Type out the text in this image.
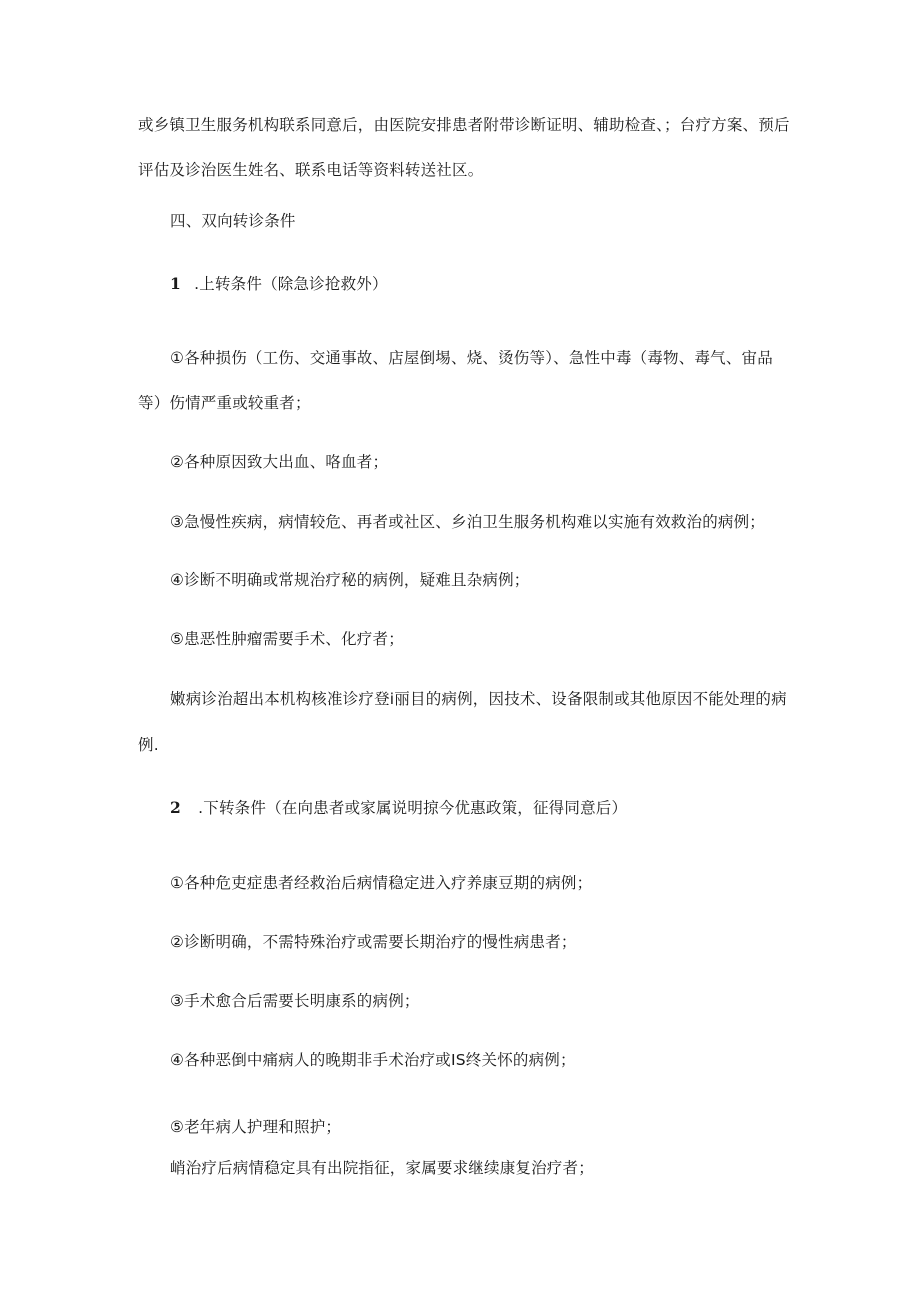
或乡镇卫生服务机构联系同意后，由医院安排患者附带诊断证明、辅助检查、；台疗方案、预后
评估及诊治医生姓名、联系电话等资料转送社区。
四、双向转诊条件
1 .上转条件（除急诊抢救外）
①各种损伤（工伤、交通事故、店屋倒埸、烧、烫伤等）、急性中毒（毒物、毒气、宙品
等）伤情严重或较重者；
②各种原因致大出血、咯血者；
③急慢性疾病，病情较危、再者或社区、乡泊卫生服务机构难以实施有效救治的病例；
④诊断不明确或常规治疗秘的病例，疑难且杂病例；
⑤患恶性肿瘤需要手术、化疗者；
嫩病诊治超出本机构核准诊疗登i丽目的病例，因技术、设备限制或其他原因不能处理的病
例.
2 .下转条件（在向患者或家属说明掠今优惠政策，征得同意后）
①各种危吏症患者经救治后病情稳定进入疗养康豆期的病例；
②诊断明确，不需特殊治疗或需要长期治疗的慢性病患者；
③手术愈合后需要长明康系的病例；
④各种恶倒中痛病人的晚期非手术治疗或IS终关怀的病例；
⑤老年病人护理和照护；
峭治疗后病情稳定具有出院指征，家属要求继续康复治疗者；
